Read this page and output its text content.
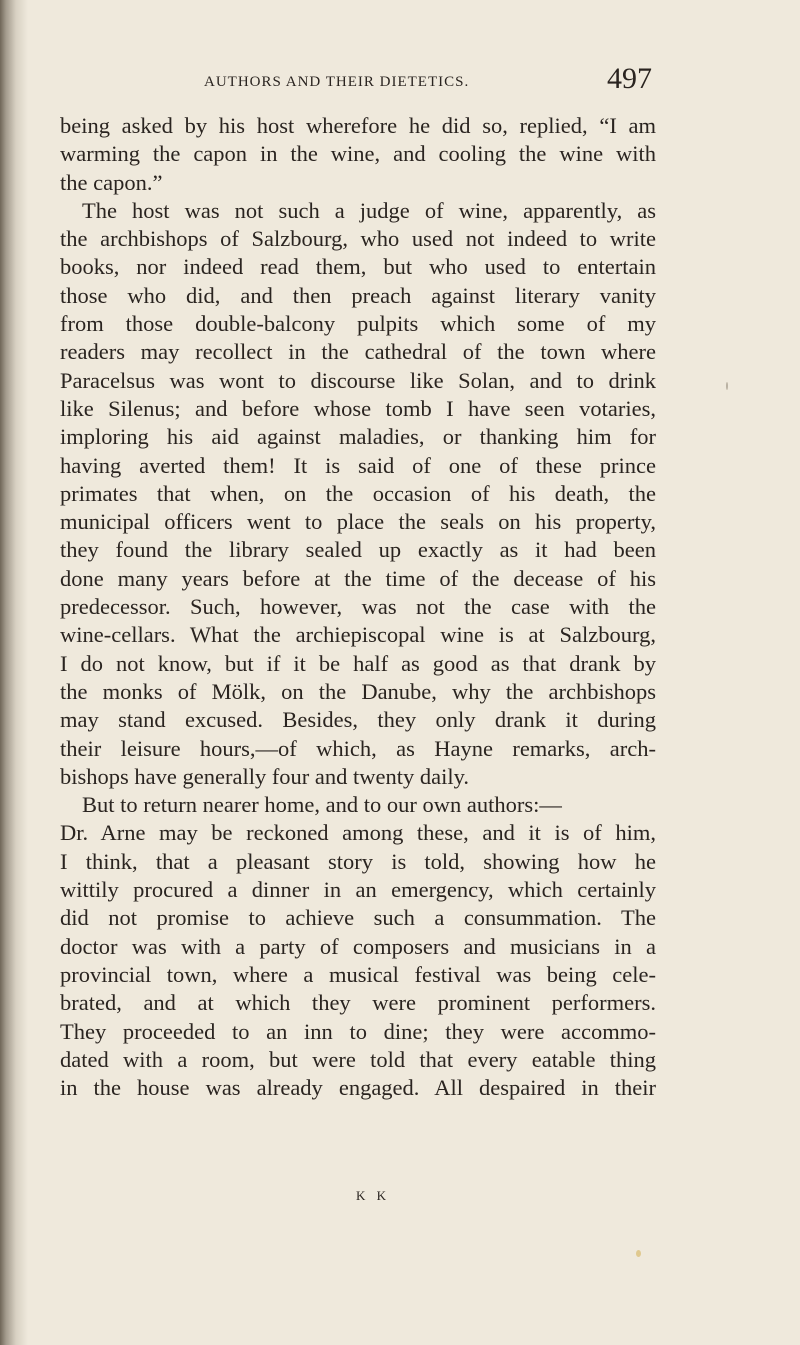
AUTHORS AND THEIR DIETETICS.	497
being asked by his host wherefore he did so, replied, “I am
warming the capon in the wine, and cooling the wine with
the capon.”
The host was not such a judge of wine, apparently, as
the archbishops of Salzbourg, who used not indeed to write
books, nor indeed read them, but who used to entertain
those who did, and then preach against literary vanity
from those double-balcony pulpits which some of my
readers may recollect in the cathedral of the town where
Paracelsus was wont to discourse like Solan, and to drink
like Silenus; and before whose tomb I have seen votaries,
imploring his aid against maladies, or thanking him for
having averted them! It is said of one of these prince
primates that when, on the occasion of his death, the
municipal officers went to place the seals on his property,
they found the library sealed up exactly as it had been
done many years before at the time of the decease of his
predecessor. Such, however, was not the case with the
wine-cellars. What the archiepiscopal wine is at Salzbourg,
I do not know, but if it be half as good as that drank by
the monks of Mölk, on the Danube, why the archbishops
may stand excused. Besides, they only drank it during
their leisure hours,—of which, as Hayne remarks, arch-
bishops have generally four and twenty daily.
But to return nearer home, and to our own authors:—
Dr. Arne may be reckoned among these, and it is of him,
I think, that a pleasant story is told, showing how he
wittily procured a dinner in an emergency, which certainly
did not promise to achieve such a consummation. The
doctor was with a party of composers and musicians in a
provincial town, where a musical festival was being cele-
brated, and at which they were prominent performers.
They proceeded to an inn to dine; they were accommo-
dated with a room, but were told that every eatable thing
in the house was already engaged. All despaired in their
K K
